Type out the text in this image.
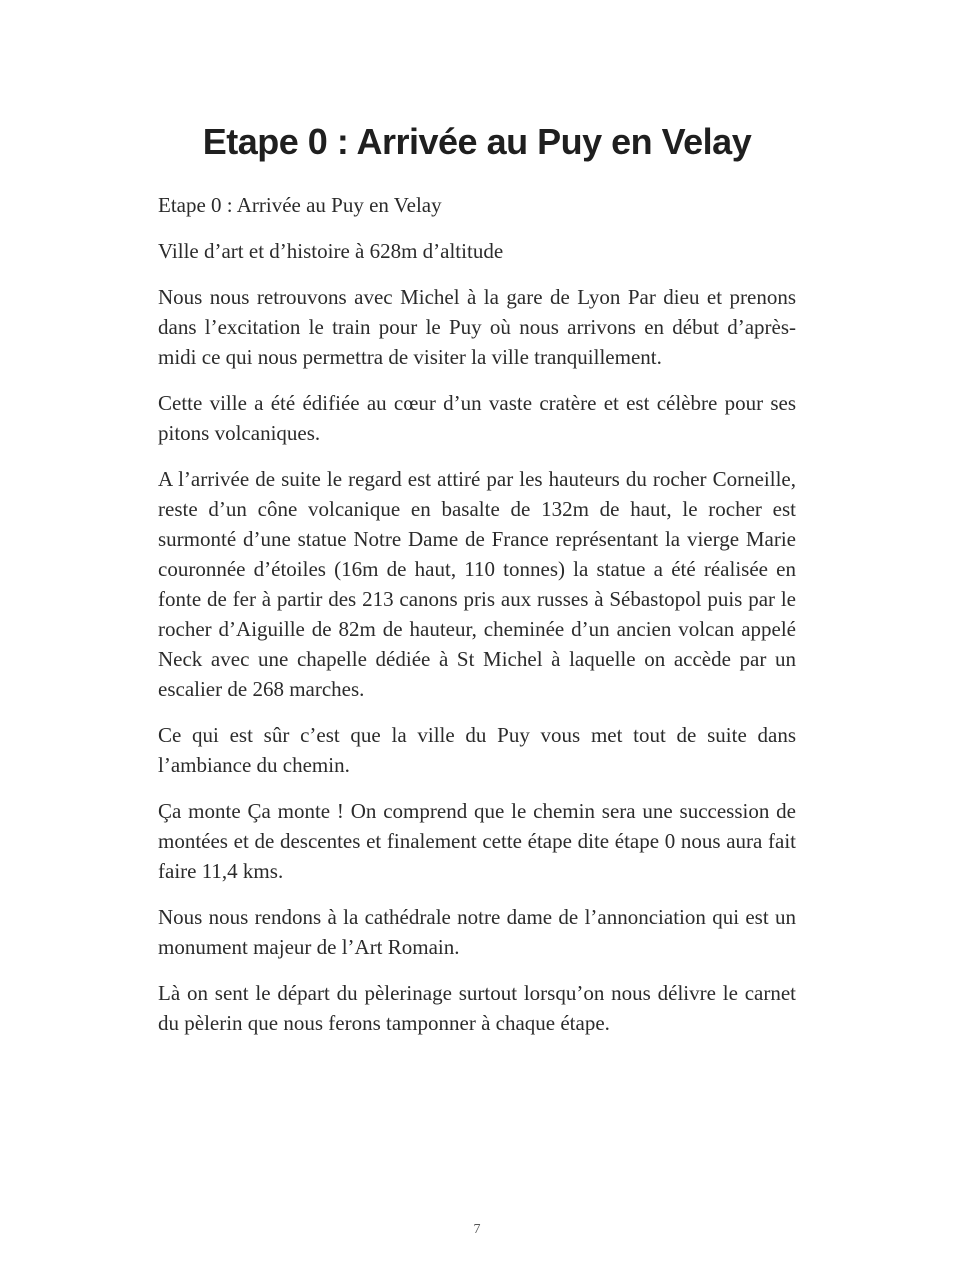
Etape 0 : Arrivée au Puy en Velay

Etape 0 : Arrivée au Puy en Velay

Ville d’art et d’histoire à 628m d’altitude

Nous nous retrouvons avec Michel à la gare de Lyon Par dieu et prenons dans l’excitation le train pour le Puy où nous arrivons en début d’après-midi ce qui nous permettra de visiter la ville tranquillement.

Cette ville a été édifiée au cœur d’un vaste cratère et est célèbre pour ses pitons volcaniques.

A l’arrivée de suite le regard est attiré par les hauteurs du rocher Corneille, reste d’un cône volcanique en basalte de 132m de haut, le rocher est surmonté d’une statue Notre Dame de France représentant la vierge Marie couronnée d’étoiles (16m de haut, 110 tonnes) la statue a été réalisée en fonte de fer à partir des 213 canons pris aux russes à Sébastopol puis par le rocher d’Aiguille de 82m de hauteur, cheminée d’un ancien volcan appelé Neck avec une chapelle dédiée à St Michel à laquelle on accède par un escalier de 268 marches.

Ce qui est sûr c’est que la ville du Puy vous met tout de suite dans l’ambiance du chemin.

Ça monte Ça monte ! On comprend que le chemin sera une succession de montées et de descentes et finalement cette étape dite étape 0 nous aura fait faire 11,4 kms.

Nous nous rendons à la cathédrale notre dame de l’annonciation qui est un monument majeur de l’Art Romain.

Là on sent le départ du pèlerinage surtout lorsqu’on nous délivre le carnet du pèlerin que nous ferons tamponner à chaque étape.

7
